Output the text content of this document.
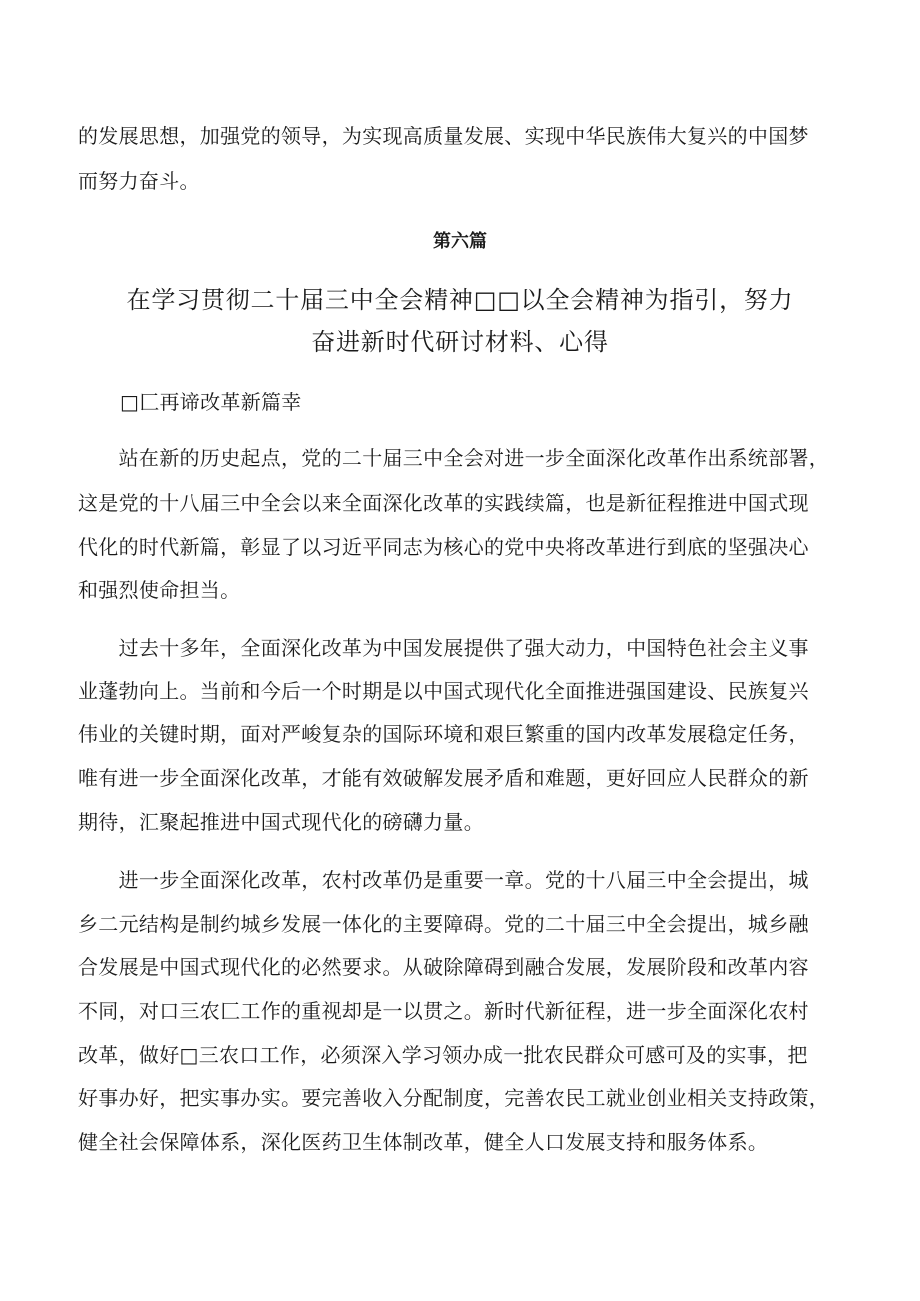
的发展思想，加强党的领导，为实现高质量发展、实现中华民族伟大复兴的中国梦
而努力奋斗。
第六篇
在学习贯彻二十届三中全会精神□□以全会精神为指引，努力
奋进新时代研讨材料、心得
□匚再谛改革新篇幸
　　站在新的历史起点，党的二十届三中全会对进一步全面深化改革作出系统部署，
这是党的十八届三中全会以来全面深化改革的实践续篇，也是新征程推进中国式现
代化的时代新篇，彰显了以习近平同志为核心的党中央将改革进行到底的坚强决心
和强烈使命担当。
　　过去十多年，全面深化改革为中国发展提供了强大动力，中国特色社会主义事
业蓬勃向上。当前和今后一个时期是以中国式现代化全面推进强国建设、民族复兴
伟业的关键时期，面对严峻复杂的国际环境和艰巨繁重的国内改革发展稳定任务，
唯有进一步全面深化改革，才能有效破解发展矛盾和难题，更好回应人民群众的新
期待，汇聚起推进中国式现代化的磅礴力量。
　　进一步全面深化改革，农村改革仍是重要一章。党的十八届三中全会提出，城
乡二元结构是制约城乡发展一体化的主要障碍。党的二十届三中全会提出，城乡融
合发展是中国式现代化的必然要求。从破除障碍到融合发展，发展阶段和改革内容
不同，对口三农匚工作的重视却是一以贯之。新时代新征程，进一步全面深化农村
改革，做好□三农口工作，必须深入学习领办成一批农民群众可感可及的实事，把
好事办好，把实事办实。要完善收入分配制度，完善农民工就业创业相关支持政策，
健全社会保障体系，深化医药卫生体制改革，健全人口发展支持和服务体系。
